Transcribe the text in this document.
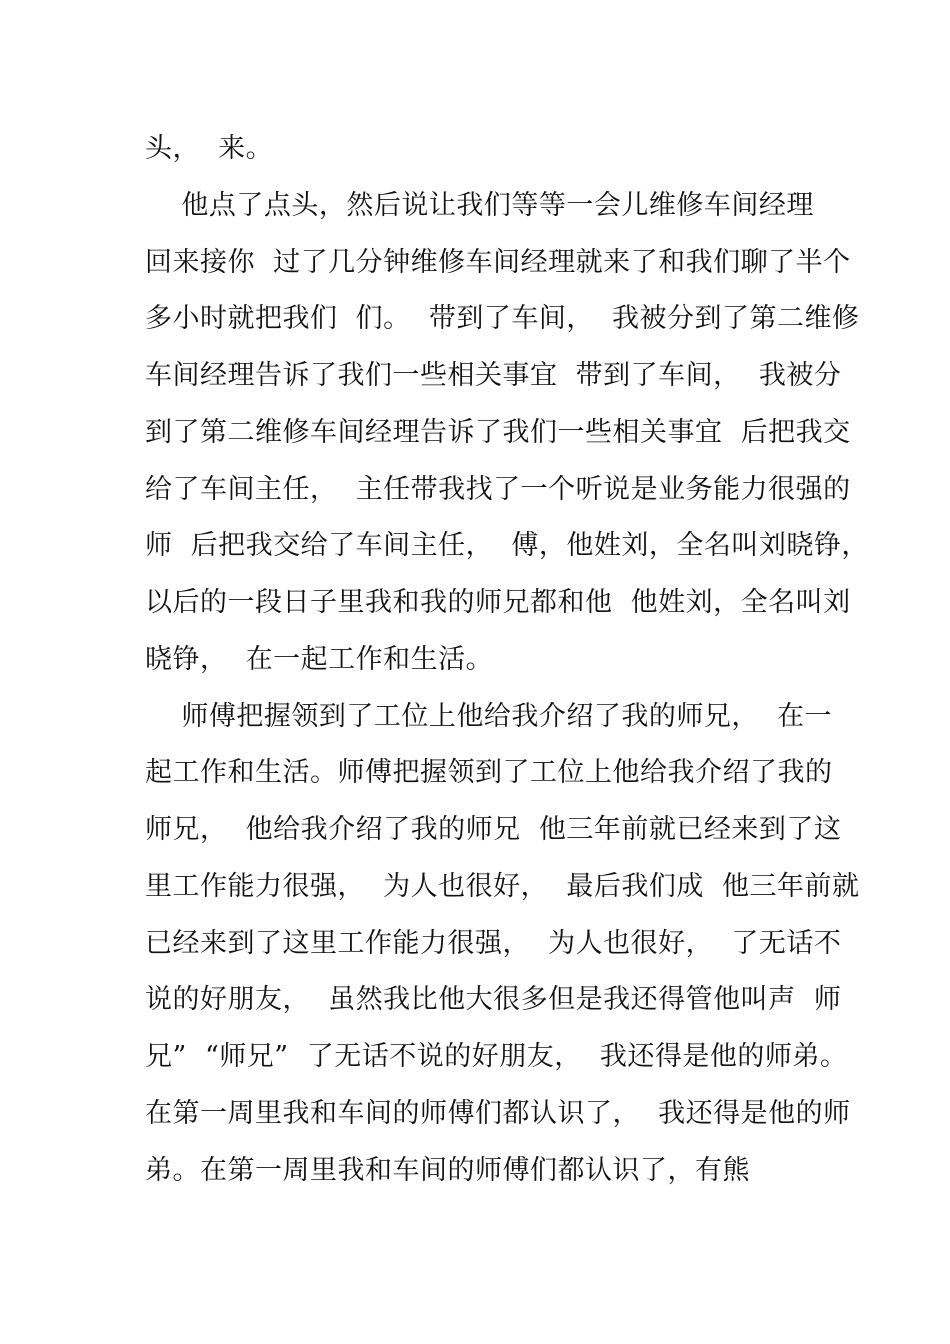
头，  来。
他点了点头，然后说让我们等等一会儿维修车间经理
回来接你  过了几分钟维修车间经理就来了和我们聊了半个
多小时就把我们  们。  带到了车间，  我被分到了第二维修
车间经理告诉了我们一些相关事宜  带到了车间，  我被分
到了第二维修车间经理告诉了我们一些相关事宜  后把我交
给了车间主任，  主任带我找了一个听说是业务能力很强的
师  后把我交给了车间主任，  傅，他姓刘，全名叫刘晓铮，
以后的一段日子里我和我的师兄都和他  他姓刘，全名叫刘
晓铮，  在一起工作和生活。
师傅把握领到了工位上他给我介绍了我的师兄，  在一
起工作和生活。师傅把握领到了工位上他给我介绍了我的
师兄，  他给我介绍了我的师兄  他三年前就已经来到了这
里工作能力很强，  为人也很好，  最后我们成  他三年前就
已经来到了这里工作能力很强，  为人也很好，  了无话不
说的好朋友，  虽然我比他大很多但是我还得管他叫声  师
兄”  “师兄”  了无话不说的好朋友，  我还得是他的师弟。
在第一周里我和车间的师傅们都认识了，  我还得是他的师
弟。在第一周里我和车间的师傅们都认识了，有熊
